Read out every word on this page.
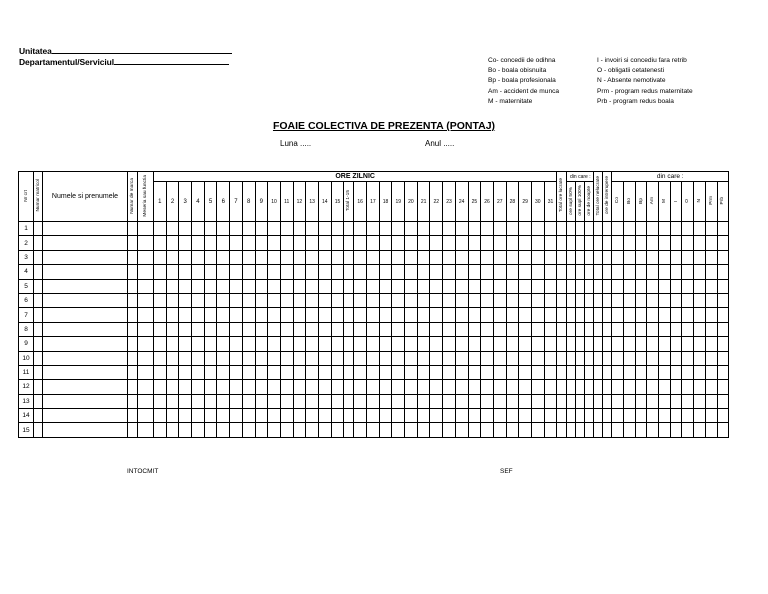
Unitatea
Departamentul/Serviciul	Co- concedii de odihna
Bo - boala obisnuita
Bp - boala profesionala
Am - accident de munca
M - maternitate
I - invoiri si concediu fara retrib
O - obligatii cetatenesti
N - Absente nemotivate
Prm - program redus maternitate
Prb - program redus boala
FOAIE COLECTIVA DE PREZENTA (PONTAJ)
Luna .....	Anul .....
Nr crt	Numar matricol	Numele si prenumele	Numar de marca	Meseria sau functia	ORE ZILNIC																																Total ore lucrate	din care :			Total ore nelucrate	ore de intrerupere	din care :									
					1	2	3	4	5	6	7	8	9	10	11	12	13	14	15	Total 1-15	16	17	18	19	20	21	22	23	24	25	26	27	28	29	30	31		ore supl 50%	ore supl 100%	ore de noapte			Co	Bo	Bp	Am	M	I	O	N	Prm	Prb
1																																																				
2																																																				
3																																																				
4																																																				
5																																																				
6																																																				
7																																																				
8																																																				
9																																																				
10																																																				
11																																																				
12																																																				
13																																																				
14																																																				
15																																																				
INTOCMIT	SEF
